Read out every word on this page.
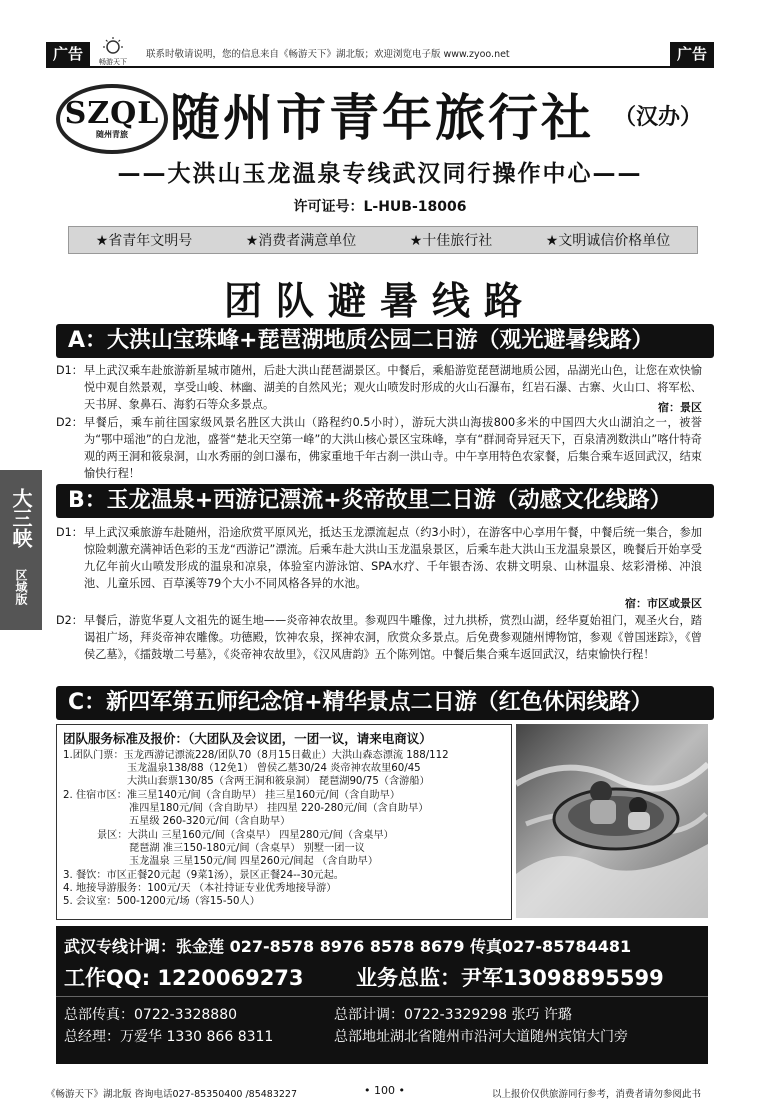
广告	畅游天下
联系时敬请说明，您的信息来自《畅游天下》湖北版；欢迎浏览电子版 www.zyoo.net	广告
SZQL
随州青旅 随州市青年旅行社 （汉办）
——大洪山玉龙温泉专线武汉同行操作中心——
许可证号：L-HUB-18006
★省青年文明号	★消费者满意单位	★十佳旅行社	★文明诚信价格单位
团队避暑线路
大三峡
区域版
A：大洪山宝珠峰+琵琶湖地质公园二日游（观光避暑线路）
D1： 早上武汉乘车赴旅游新星城市随州，后赴大洪山琵琶湖景区。中餐后，乘船游览琵琶湖地质公园，品湖光山色，让您在欢快愉悦中观自然景观，享受山峻、林幽、湖美的自然风光；观火山喷发时形成的火山石瀑布，红岩石瀑、古寨、火山口、将军松、天书屏、象鼻石、海豹石等众多景点。	宿：景区
D2： 早餐后，乘车前往国家级风景名胜区大洪山（路程约0.5小时），游玩大洪山海拔800多米的中国四大火山湖泊之一，被誉为“鄂中瑶池”的白龙池，盛誉“楚北天空第一峰”的大洪山核心景区宝珠峰，享有“群洞奇异冠天下，百泉清冽数洪山”喀什特奇观的两王洞和筱泉洞，山水秀丽的剑口瀑布，佛家重地千年古刹一洪山寺。中午享用特色农家餐，后集合乘车返回武汉，结束愉快行程！
B：玉龙温泉+西游记漂流+炎帝故里二日游（动感文化线路）
D1： 早上武汉乘旅游车赴随州，沿途欣赏平原风光，抵达玉龙漂流起点（约3小时），在游客中心享用午餐，中餐后统一集合，参加惊险刺激充满神话色彩的玉龙“西游记”漂流。后乘车赴大洪山玉龙温泉景区，后乘车赴大洪山玉龙温泉景区，晚餐后开始享受九亿年前火山喷发形成的温泉和凉泉，体验室内游泳馆、SPA水疗、千年银杏汤、农耕文明泉、山林温泉、炫彩滑梯、冲浪池、儿童乐园、百草溪等79个大小不同风格各异的水池。
宿：市区或景区
D2： 早餐后，游览华夏人文祖先的诞生地——炎帝神农故里。参观四牛雕像，过九拱桥，赏烈山湖，经华夏始祖门，观圣火台，踏谒祖广场，拜炎帝神农雕像。功德殿，饮神农泉，探神农洞，欣赏众多景点。后免费参观随州博物馆，参观《曾国迷踪》，《曾侯乙墓》，《擂鼓墩二号墓》，《炎帝神农故里》，《汉风唐韵》五个陈列馆。中餐后集合乘车返回武汉，结束愉快行程！
C：新四军第五师纪念馆+精华景点二日游（红色休闲线路）
团队服务标准及报价：（大团队及会议团，一团一议，请来电商议）
1.团队门票：玉龙西游记漂流228/团队70（8月15日截止）大洪山森态漂流 188/112
玉龙温泉138/88（12免1） 曾侯乙墓30/24 炎帝神农故里60/45
大洪山套票130/85（含两王洞和筱泉洞） 琵琶湖90/75（含游船）
2. 住宿市区：准三星140元/间（含自助早） 挂三星160元/间（含自助早）
准四星180元/间（含自助早） 挂四星 220-280元/间（含自助早）
五星级 260-320元/间（含自助早）
景区：大洪山 三星160元/间（含桌早） 四星280元/间（含桌早）
琵琶湖 准三150-180元/间（含桌早） 别墅一团一议
玉龙温泉 三星150元/间 四星260元/间起 （含自助早）
3. 餐饮：市区正餐20元起（9菜1汤），景区正餐24--30元起。
4. 地接导游服务：100元/天 （本社持证专业优秀地接导游）
5. 会议室：500-1200元/场（容15-50人）
武汉专线计调：张金莲 027-8578 8976 8578 8679 传真027-85784481
工作QQ: 1220069273 业务总监：尹军13098895599
总部传真：0722-3328880	总部计调：0722-3329298 张巧 许璐
总经理：万爱华 1330 866 8311	总部地址湖北省随州市沿河大道随州宾馆大门旁
《畅游天下》湖北版 咨询电话027-85350400 /85483227	• 100 •	以上报价仅供旅游同行参考，消费者请勿参阅此书
